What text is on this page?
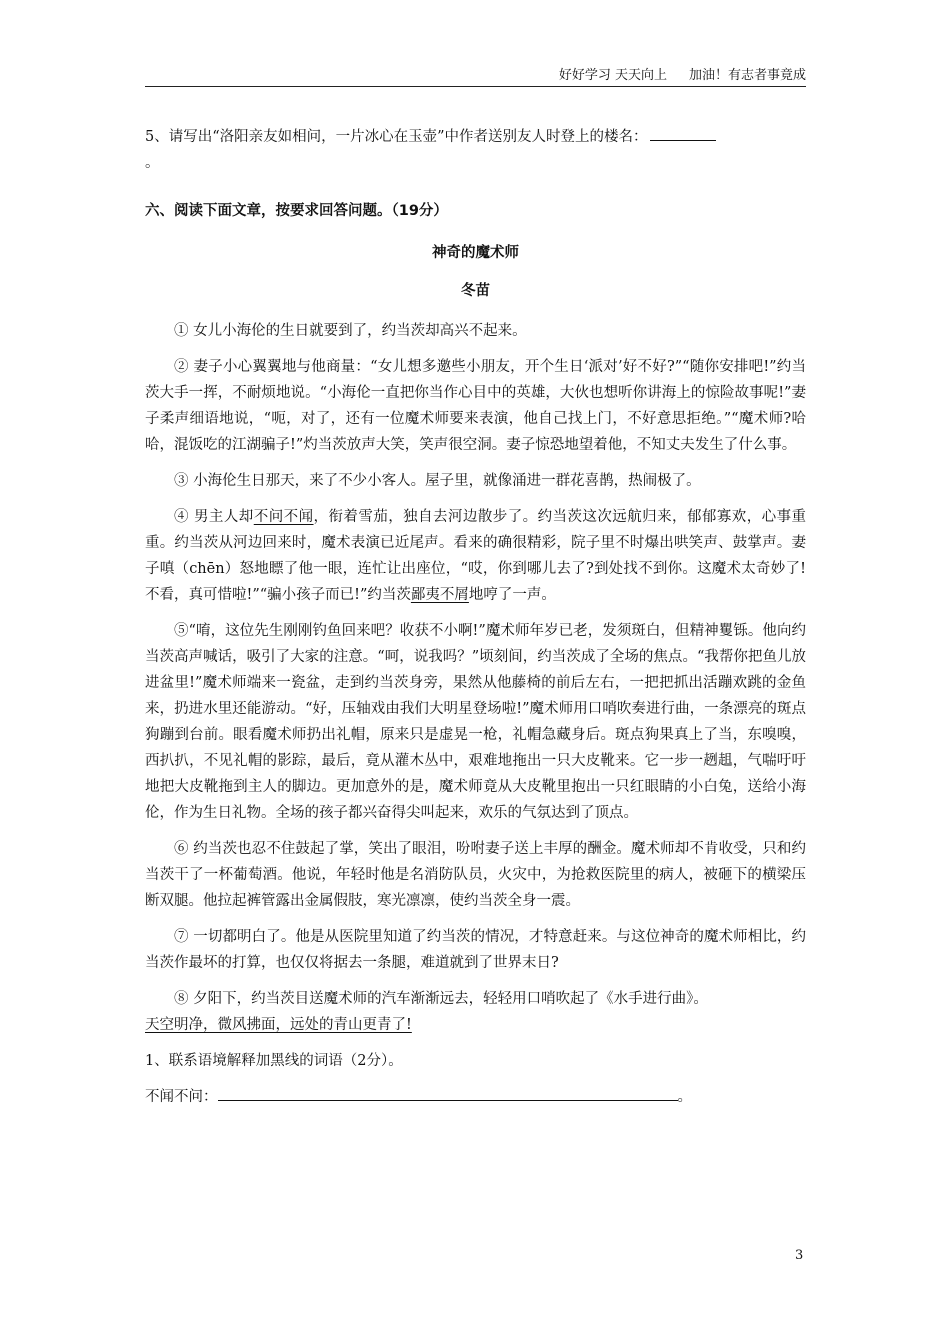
好好学习 天天向上 加油！有志者事竟成

5、请写出“洛阳亲友如相问，一片冰心在玉壶”中作者送别友人时登上的楼名：
。

六、阅读下面文章，按要求回答问题。（19分）

神奇的魔术师
冬苗

① 女儿小海伦的生日就要到了，约当茨却高兴不起来。

② 妻子小心翼翼地与他商量：“女儿想多邀些小朋友，开个生日‘派对’好不好?”“随你安排吧!”约当茨大手一挥，不耐烦地说。“小海伦一直把你当作心目中的英雄，大伙也想听你讲海上的惊险故事呢!”妻子柔声细语地说，“呃，对了，还有一位魔术师要来表演，他自己找上门，不好意思拒绝。”“魔术师?哈哈，混饭吃的江湖骗子!”灼当茨放声大笑，笑声很空洞。妻子惊恐地望着他，不知丈夫发生了什么事。

③ 小海伦生日那天，来了不少小客人。屋子里，就像涌进一群花喜鹊，热闹极了。

④ 男主人却不问不闻，衔着雪茄，独自去河边散步了。约当茨这次远航归来，郁郁寡欢，心事重重。约当茨从河边回来时，魔术表演已近尾声。看来的确很精彩，院子里不时爆出哄笑声、鼓掌声。妻子嗔（chēn）怒地瞟了他一眼，连忙让出座位，“哎，你到哪儿去了?到处找不到你。这魔术太奇妙了!不看，真可惜啦!”“骗小孩子而已!”约当茨鄙夷不屑地哼了一声。

⑤“唷，这位先生刚刚钓鱼回来吧？收获不小啊!”魔术师年岁已老，发须斑白，但精神矍铄。他向约当茨高声喊话，吸引了大家的注意。“呵，说我吗？”顷刻间，约当茨成了全场的焦点。“我帮你把鱼儿放进盆里!”魔术师端来一瓷盆，走到约当茨身旁，果然从他藤椅的前后左右，一把把抓出活蹦欢跳的金鱼来，扔进水里还能游动。“好，压轴戏由我们大明星登场啦!”魔术师用口哨吹奏进行曲，一条漂亮的斑点狗蹦到台前。眼看魔术师扔出礼帽，原来只是虚晃一枪，礼帽急藏身后。斑点狗果真上了当，东嗅嗅，西扒扒，不见礼帽的影踪，最后，竟从灌木丛中，艰难地拖出一只大皮靴来。它一步一趔趄，气喘吁吁地把大皮靴拖到主人的脚边。更加意外的是，魔术师竟从大皮靴里抱出一只红眼睛的小白兔，送给小海伦，作为生日礼物。全场的孩子都兴奋得尖叫起来，欢乐的气氛达到了顶点。

⑥ 约当茨也忍不住鼓起了掌，笑出了眼泪，吩咐妻子送上丰厚的酬金。魔术师却不肯收受，只和约当茨干了一杯葡萄酒。他说，年轻时他是名消防队员，火灾中，为抢救医院里的病人，被砸下的横梁压断双腿。他拉起裤管露出金属假肢，寒光凛凛，使约当茨全身一震。

⑦ 一切都明白了。他是从医院里知道了约当茨的情况，才特意赶来。与这位神奇的魔术师相比，约当茨作最坏的打算，也仅仅将据去一条腿，难道就到了世界末日?

⑧ 夕阳下，约当茨目送魔术师的汽车渐渐远去，轻轻用口哨吹起了《水手进行曲》。
天空明净，微风拂面，远处的青山更青了!

1、联系语境解释加黑线的词语（2分）。

不闻不问：	。

3
